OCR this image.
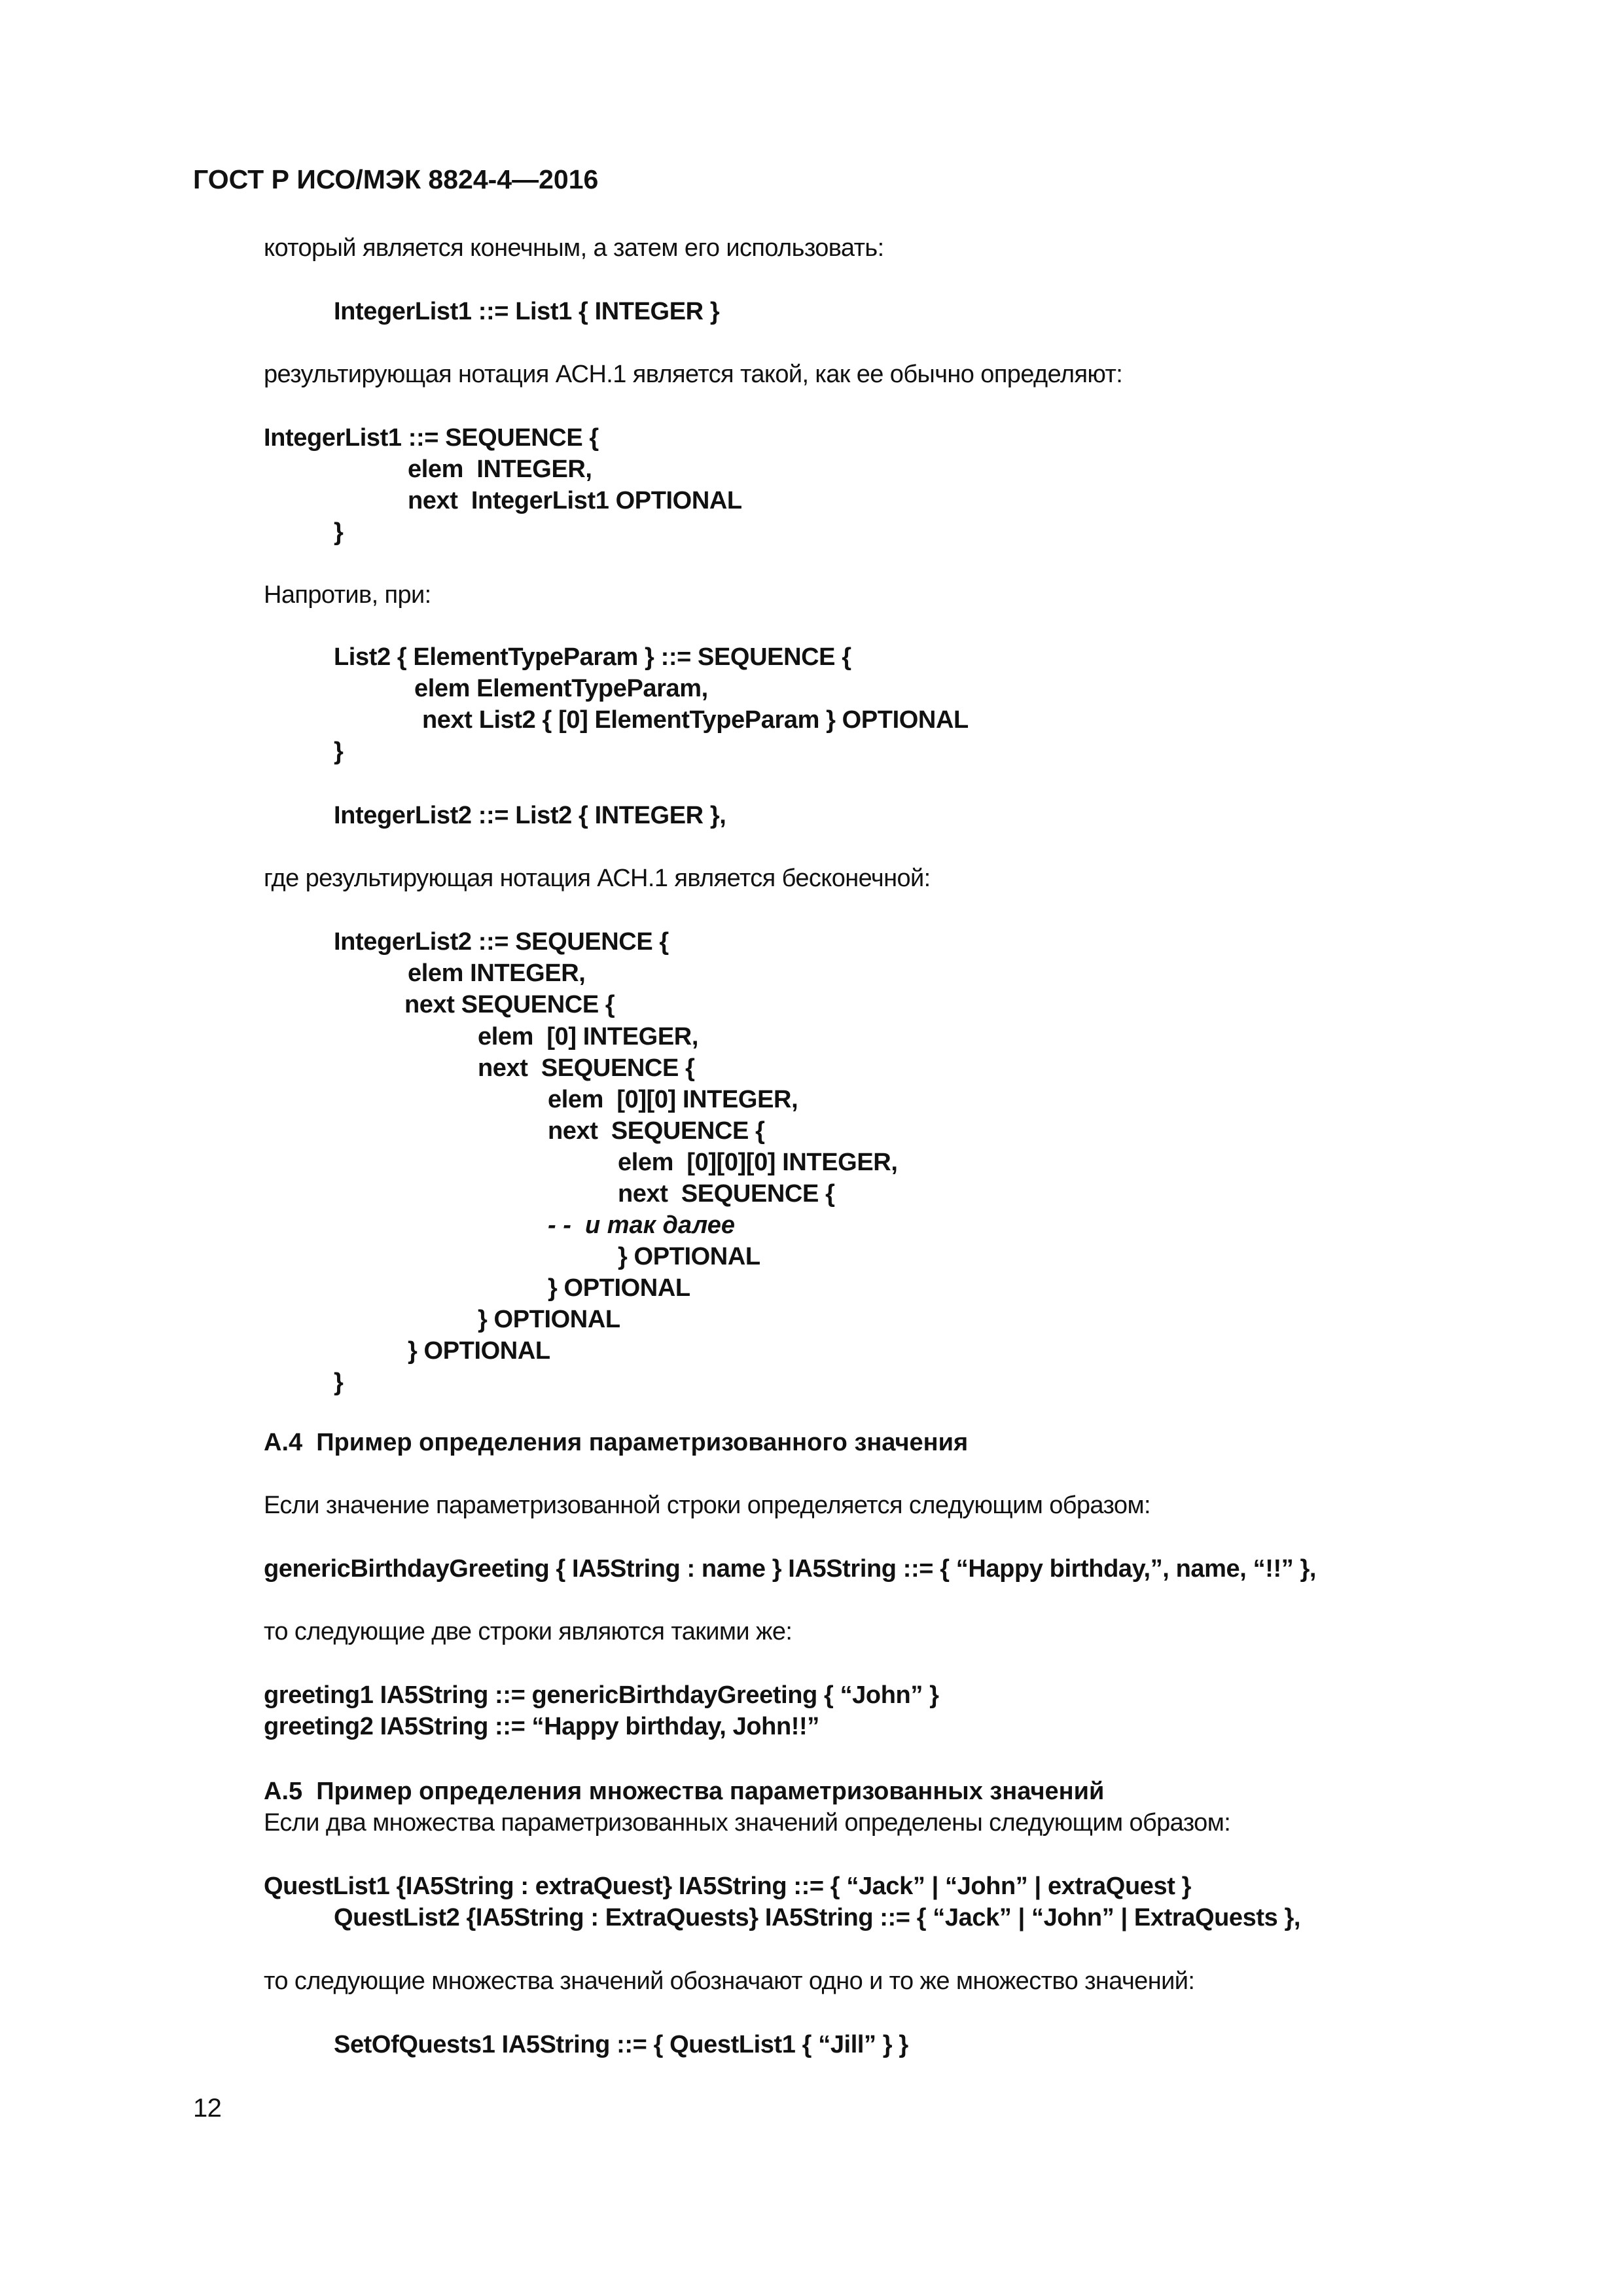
ГОСТ Р ИСО/МЭК 8824-4—2016
который является конечным, а затем его использовать:
IntegerList1 ::= List1 { INTEGER }
результирующая нотация АСН.1 является такой, как ее обычно определяют:
IntegerList1 ::= SEQUENCE {
elem  INTEGER,
next  IntegerList1 OPTIONAL
}
Напротив, при:
List2 { ElementTypeParam } ::= SEQUENCE {
elem ElementTypeParam,
next List2 { [0] ElementTypeParam } OPTIONAL
}
IntegerList2 ::= List2 { INTEGER },
где результирующая нотация АСН.1 является бесконечной:
IntegerList2 ::= SEQUENCE {
elem INTEGER,
next SEQUENCE {
elem  [0] INTEGER,
next  SEQUENCE {
elem  [0][0] INTEGER,
next  SEQUENCE {
elem  [0][0][0] INTEGER,
next  SEQUENCE {
- -  и так далее
} OPTIONAL
} OPTIONAL
} OPTIONAL
} OPTIONAL
}
А.4  Пример определения параметризованного значения
Если значение параметризованной строки определяется следующим образом:
genericBirthdayGreeting { IA5String : name } IA5String ::= { “Happy birthday,”, name, “!!” },
то следующие две строки являются такими же:
greeting1 IA5String ::= genericBirthdayGreeting { “John” }
greeting2 IA5String ::= “Happy birthday, John!!”
А.5  Пример определения множества параметризованных значений
Если два множества параметризованных значений определены следующим образом:
QuestList1 {IA5String : extraQuest} IA5String ::= { “Jack” | “John” | extraQuest }
QuestList2 {IA5String : ExtraQuests} IA5String ::= { “Jack” | “John” | ExtraQuests },
то следующие множества значений обозначают одно и то же множество значений:
SetOfQuests1 IA5String ::= { QuestList1 { “Jill” } }
12
